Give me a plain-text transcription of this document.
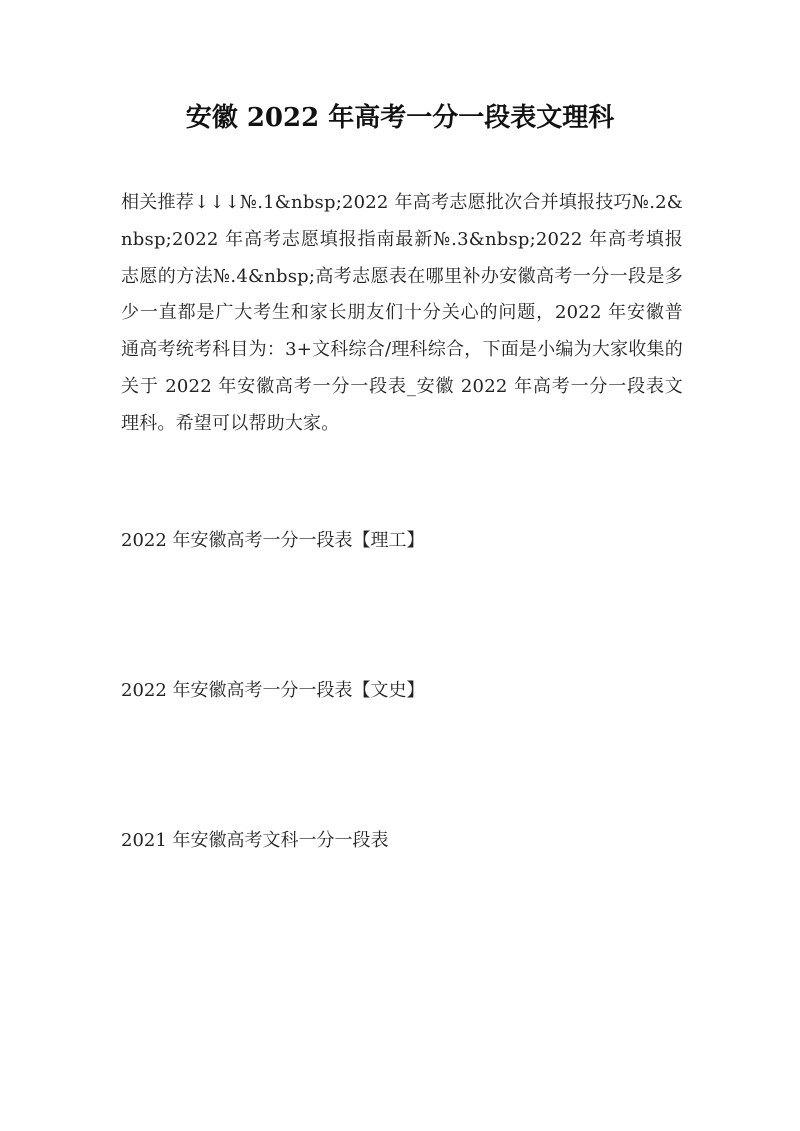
安徽 2022 年高考一分一段表文理科

相关推荐↓↓↓№.1&nbsp;2022 年高考志愿批次合并填报技巧№.2&nbsp;2022 年高考志愿填报指南最新№.3&nbsp;2022 年高考填报志愿的方法№.4&nbsp;高考志愿表在哪里补办安徽高考一分一段是多少一直都是广大考生和家长朋友们十分关心的问题，2022 年安徽普通高考统考科目为：3+文科综合/理科综合，下面是小编为大家收集的关于 2022 年安徽高考一分一段表_安徽 2022 年高考一分一段表文理科。希望可以帮助大家。

2022 年安徽高考一分一段表【理工】

2022 年安徽高考一分一段表【文史】

2021 年安徽高考文科一分一段表
